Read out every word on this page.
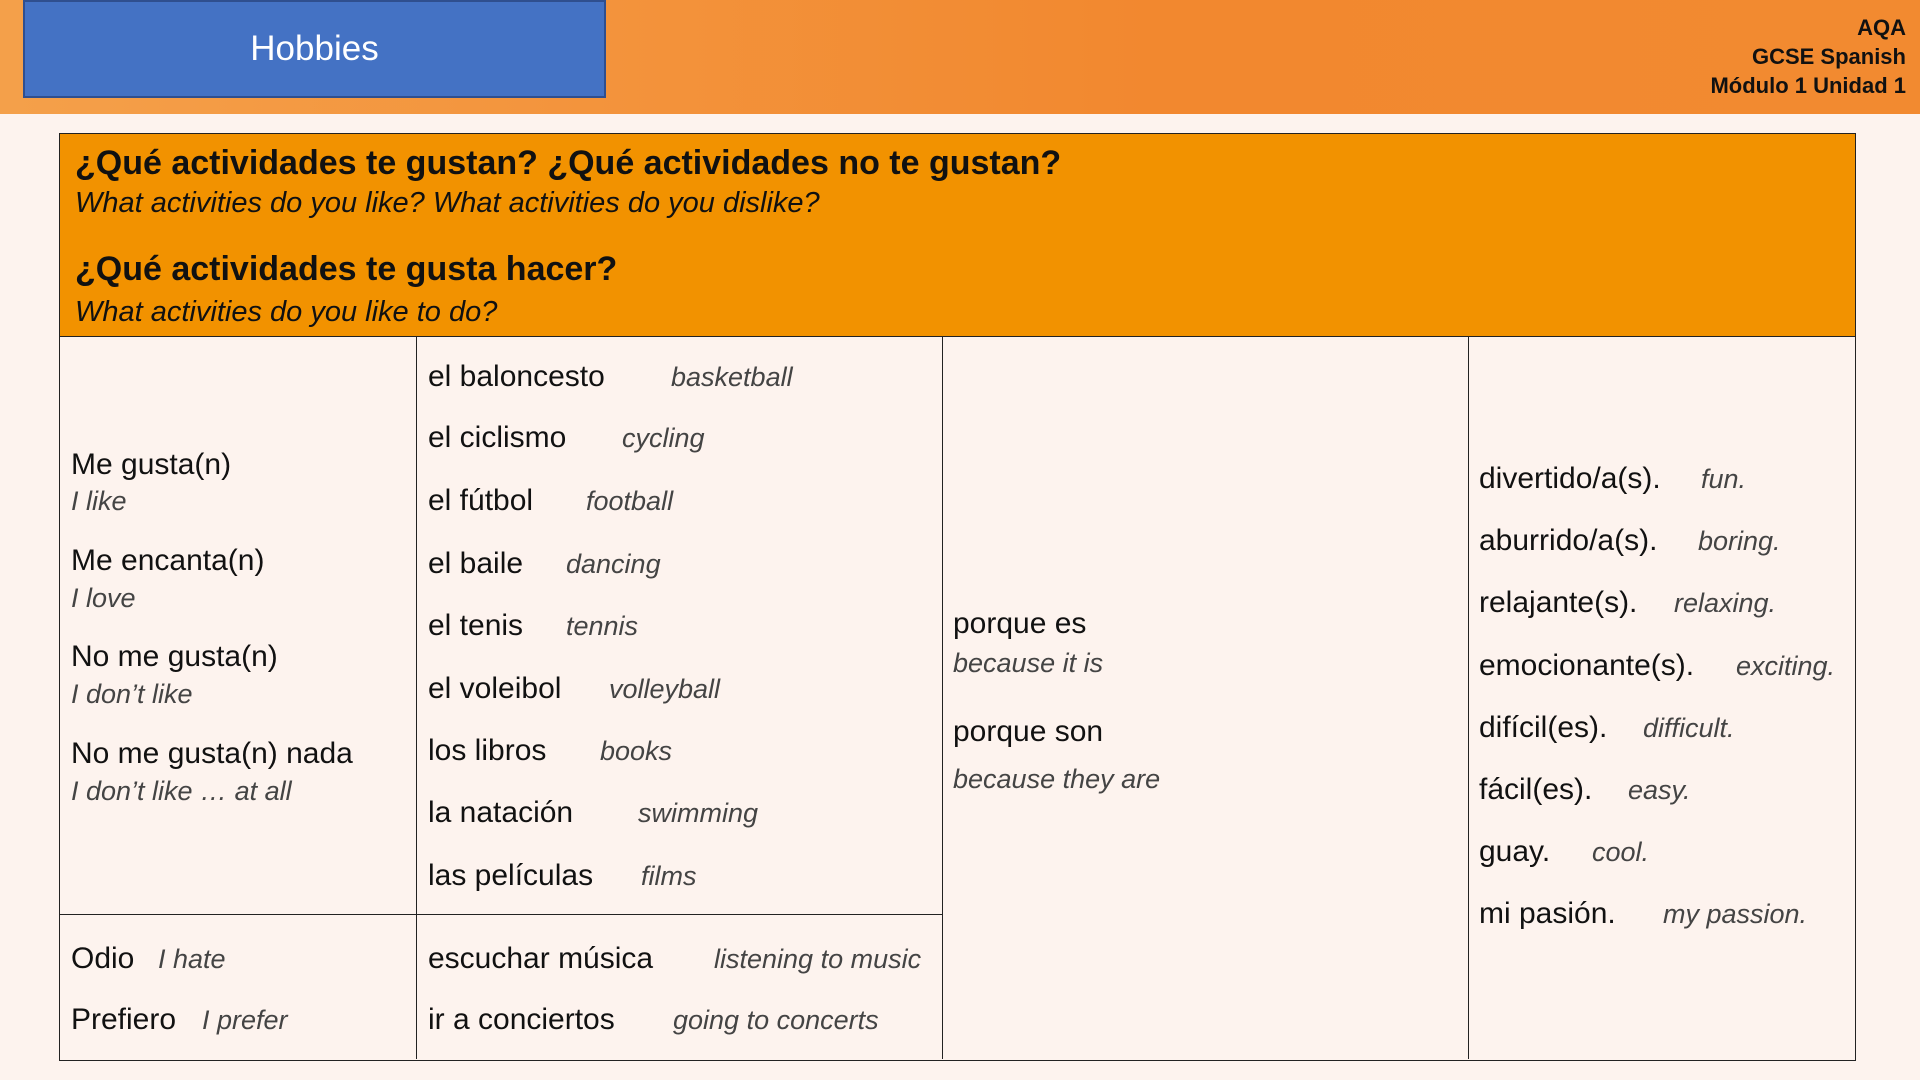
Hobbies
AQA
GCSE Spanish
Módulo 1 Unidad 1
¿Qué actividades te gustan? ¿Qué actividades no te gustan?
What activities do you like? What activities do you dislike?
¿Qué actividades te gusta hacer?
What activities do you like to do?
Me gusta(n)
I like
Me encanta(n)
I love
No me gusta(n)
I don’t like
No me gusta(n) nada
I don’t like … at all
Odio I hate
Prefiero I prefer
el baloncesto basketball
el ciclismo cycling
el fútbol football
el baile dancing
el tenis tennis
el voleibol volleyball
los libros books
la natación swimming
las películas films
escuchar música listening to music
ir a conciertos going to concerts
porque es
because it is
porque son
because they are
divertido/a(s). fun.
aburrido/a(s). boring.
relajante(s). relaxing.
emocionante(s). exciting.
difícil(es). difficult.
fácil(es). easy.
guay. cool.
mi pasión. my passion.
